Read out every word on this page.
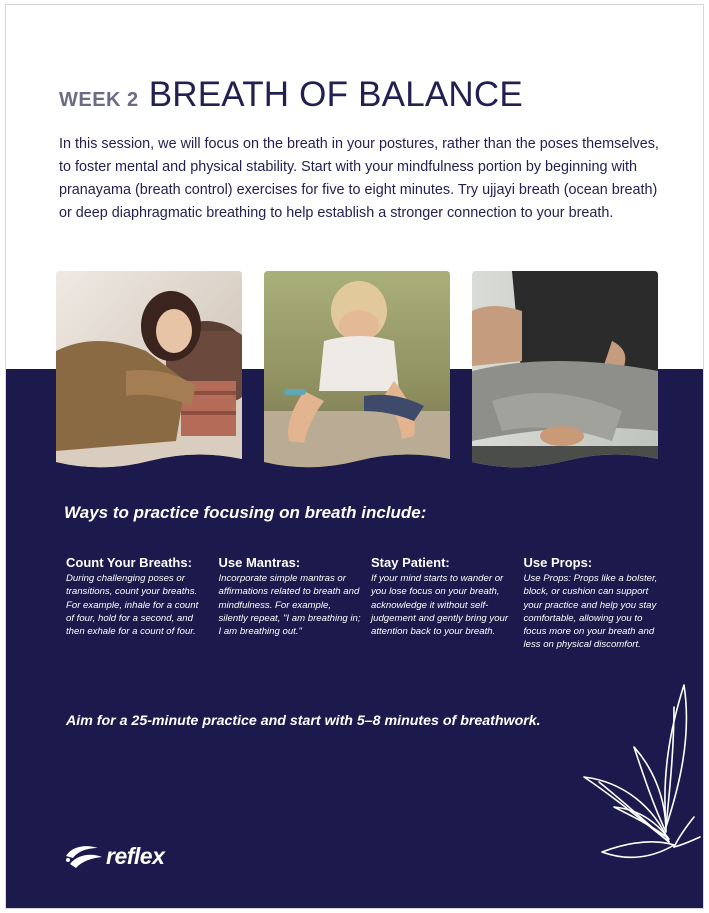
WEEK 2 BREATH OF BALANCE
In this session, we will focus on the breath in your postures, rather than the poses themselves, to foster mental and physical stability. Start with your mindfulness portion by beginning with pranayama (breath control) exercises for five to eight minutes. Try ujjayi breath (ocean breath) or deep diaphragmatic breathing to help establish a stronger connection to your breath.
Ways to practice focusing on breath include:
Count Your Breaths:
During challenging poses or transitions, count your breaths. For example, inhale for a count of four, hold for a second, and then exhale for a count of four.
Use Mantras:
Incorporate simple mantras or affirmations related to breath and mindfulness. For example, silently repeat, "I am breathing in; I am breathing out."
Stay Patient:
If your mind starts to wander or you lose focus on your breath, acknowledge it without self-judgement and gently bring your attention back to your breath.
Use Props:
Use Props: Props like a bolster, block, or cushion can support your practice and help you stay comfortable, allowing you to focus more on your breath and less on physical discomfort.
Aim for a 25-minute practice and start with 5–8 minutes of breathwork.
reflex
